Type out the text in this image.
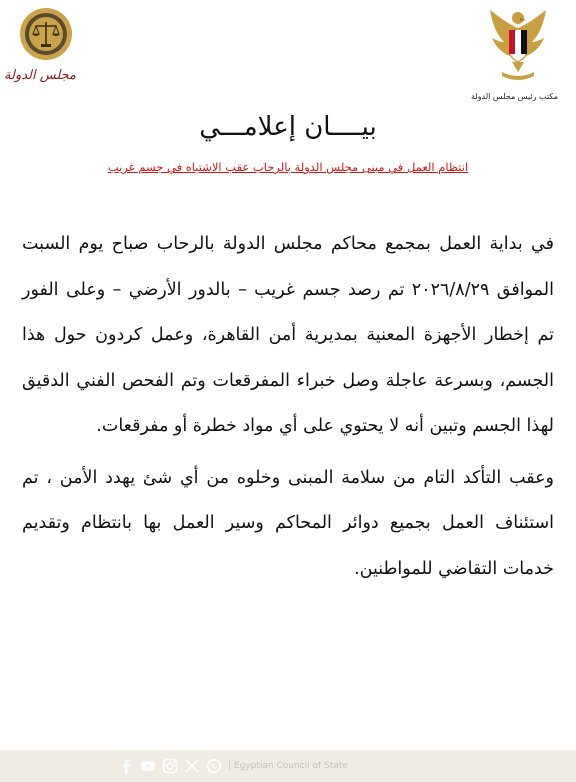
مكتب رئيس مجلس الدولة
مجلس الدولة
بيــــان إعلامـــي
انتظام العمل في مبنى مجلس الدولة بالرحاب عقب الاشتباه في جسم غريب

في بداية العمل بمجمع محاكم مجلس الدولة بالرحاب صباح يوم السبت الموافق ٢٠٢٦/٨/٢٩ تم رصد جسم غريب – بالدور الأرضي – وعلى الفور تم إخطار الأجهزة المعنية بمديرية أمن القاهرة، وعمل كردون حول هذا الجسم، وبسرعة عاجلة وصل خبراء المفرقعات وتم الفحص الفني الدقيق لهذا الجسم وتبين أنه لا يحتوي على أي مواد خطرة أو مفرقعات.

وعقب التأكد التام من سلامة المبنى وخلوه من أي شئ يهدد الأمن ، تم استئناف العمل بجميع دوائر المحاكم وسير العمل بها بانتظام وتقديم خدمات التقاضي للمواطنين.

| Egyptian Council of State
